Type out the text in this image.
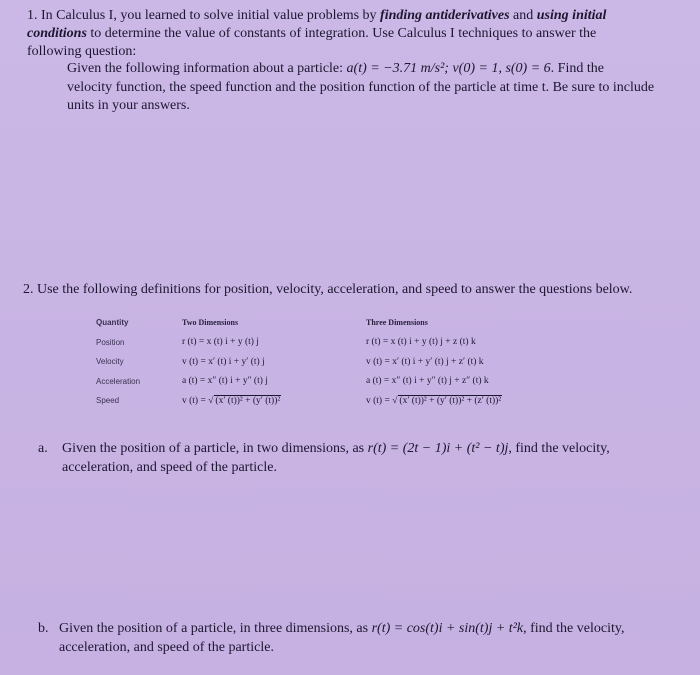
1. In Calculus I, you learned to solve initial value problems by finding antiderivatives and using initial
conditions to determine the value of constants of integration. Use Calculus I techniques to answer the
following question:
Given the following information about a particle: a(t) = −3.71 m/s²; v(0) = 1, s(0) = 6. Find the
velocity function, the speed function and the position function of the particle at time t. Be sure to include
units in your answers.
2. Use the following definitions for position, velocity, acceleration, and speed to answer the questions below.
Quantity	Two Dimensions	Three Dimensions
Position	r (t) = x (t) i + y (t) j	r (t) = x (t) i + y (t) j + z (t) k
Velocity	v (t) = x′ (t) i + y′ (t) j	v (t) = x′ (t) i + y′ (t) j + z′ (t) k
Acceleration	a (t) = x″ (t) i + y″ (t) j	a (t) = x″ (t) i + y″ (t) j + z″ (t) k
Speed	v (t) = √ (x′ (t))² + (y′ (t))²	v (t) = √ (x′ (t))² + (y′ (t))² + (z′ (t))²
a. Given the position of a particle, in two dimensions, as r(t) = (2t − 1)i + (t² − t)j, find the velocity,
acceleration, and speed of the particle.
b. Given the position of a particle, in three dimensions, as r(t) = cos(t)i + sin(t)j + t²k, find the velocity,
acceleration, and speed of the particle.
